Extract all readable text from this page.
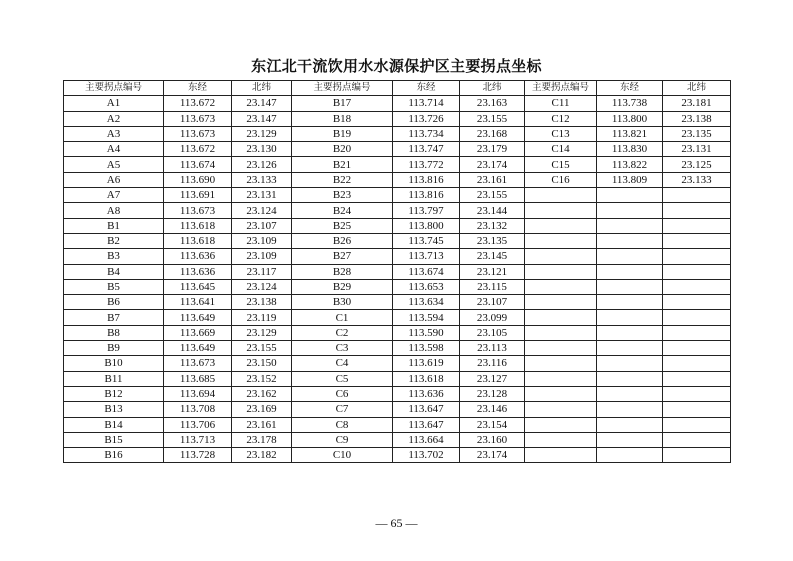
东江北干流饮用水水源保护区主要拐点坐标
主要拐点编号	东经	北纬	主要拐点编号	东经	北纬	主要拐点编号	东经	北纬
A1	113.672	23.147	B17	113.714	23.163	C11	113.738	23.181
A2	113.673	23.147	B18	113.726	23.155	C12	113.800	23.138
A3	113.673	23.129	B19	113.734	23.168	C13	113.821	23.135
A4	113.672	23.130	B20	113.747	23.179	C14	113.830	23.131
A5	113.674	23.126	B21	113.772	23.174	C15	113.822	23.125
A6	113.690	23.133	B22	113.816	23.161	C16	113.809	23.133
A7	113.691	23.131	B23	113.816	23.155			
A8	113.673	23.124	B24	113.797	23.144			
B1	113.618	23.107	B25	113.800	23.132			
B2	113.618	23.109	B26	113.745	23.135			
B3	113.636	23.109	B27	113.713	23.145			
B4	113.636	23.117	B28	113.674	23.121			
B5	113.645	23.124	B29	113.653	23.115			
B6	113.641	23.138	B30	113.634	23.107			
B7	113.649	23.119	C1	113.594	23.099			
B8	113.669	23.129	C2	113.590	23.105			
B9	113.649	23.155	C3	113.598	23.113			
B10	113.673	23.150	C4	113.619	23.116			
B11	113.685	23.152	C5	113.618	23.127			
B12	113.694	23.162	C6	113.636	23.128			
B13	113.708	23.169	C7	113.647	23.146			
B14	113.706	23.161	C8	113.647	23.154			
B15	113.713	23.178	C9	113.664	23.160			
B16	113.728	23.182	C10	113.702	23.174			
— 65 —
